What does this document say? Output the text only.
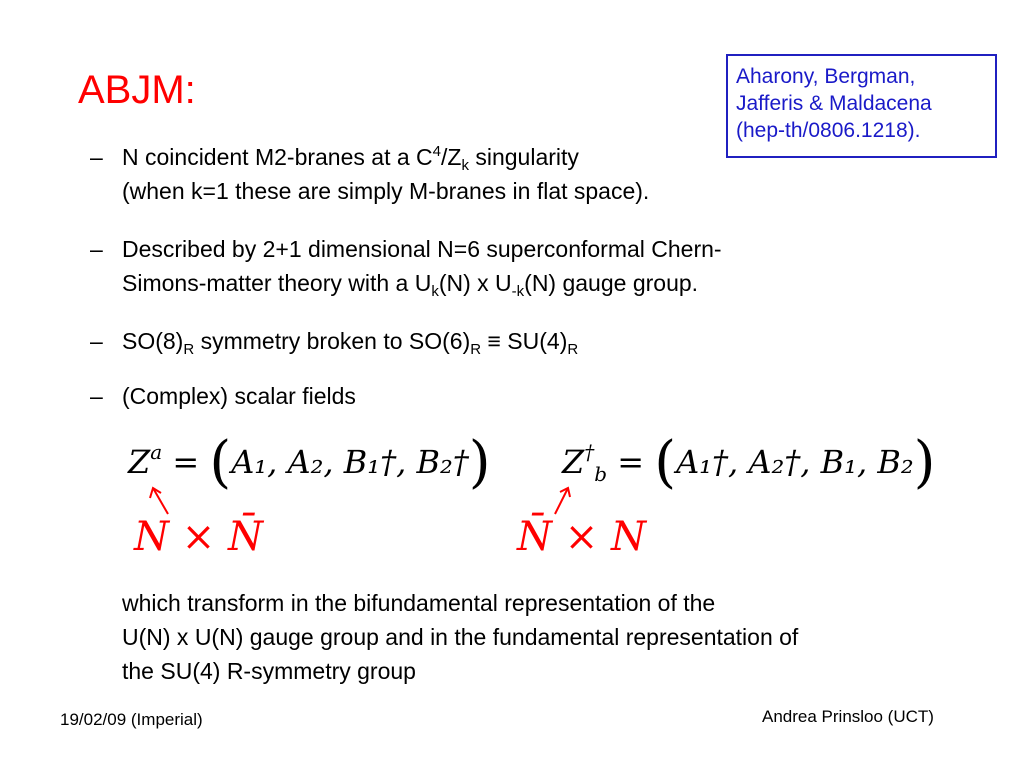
ABJM:	Aharony, Bergman,
Jafferis & Maldacena
(hep-th/0806.1218).
– N coincident M2-branes at a $C^4/Z_k$ singularity
(when k=1 these are simply M-branes in flat space).
– Described by 2+1 dimensional N=6 superconformal Chern-
Simons-matter theory with a $U_k(N)$ x $U_{-k}(N)$ gauge group.
– $SO(8)_R$ symmetry broken to $SO(6)_R \equiv SU(4)_R$
– (Complex) scalar fields
$Z^a = (A_1$, A₂, B₁†, B₂†) $Z^\dagger_b$ = (A₁†, A₂†, B₁, B₂)
N × N̄	N̄ × N
which transform in the bifundamental representation of the
U(N) x U(N) gauge group and in the fundamental representation of
the SU(4) R-symmetry group
19/02/09 (Imperial)	Andrea Prinsloo (UCT)
